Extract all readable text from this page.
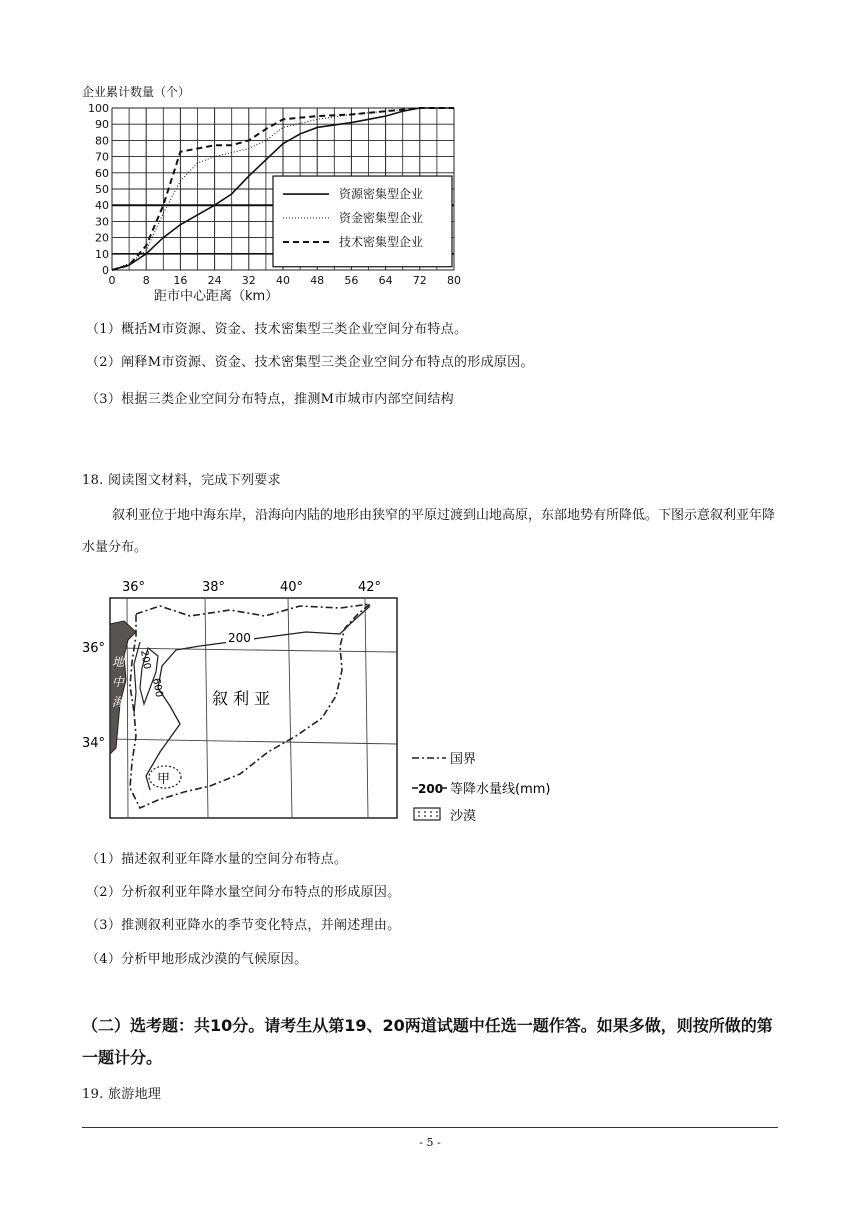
企业累计数量（个）
0
10
20
30
40
50
60
70
80
90
100
0 8 16 24 32 40 48 56 64 72 80
资源密集型企业
资金密集型企业
技术密集型企业
距市中心距离（km）
（1）概括M市资源、资金、技术密集型三类企业空间分布特点。
（2）阐释M市资源、资金、技术密集型三类企业空间分布特点的形成原因。
（3）根据三类企业空间分布特点，推测M市城市内部空间结构
18. 阅读图文材料，完成下列要求
叙利亚位于地中海东岸，沿海向内陆的地形由狭窄的平原过渡到山地高原，东部地势有所降低。下图示意叙利亚年降水量分布。
36°	38°	40°	42°
36°
34°
地
中
海
200
200
600
叙 利 亚
甲
国界
200 等降水量线(mm)
沙漠
（1）描述叙利亚年降水量的空间分布特点。
（2）分析叙利亚年降水量空间分布特点的形成原因。
（3）推测叙利亚降水的季节变化特点，并阐述理由。
（4）分析甲地形成沙漠的气候原因。
（二）选考题：共10分。请考生从第19、20两道试题中任选一题作答。如果多做，则按所做的第一题计分。
19. 旅游地理
- 5 -
